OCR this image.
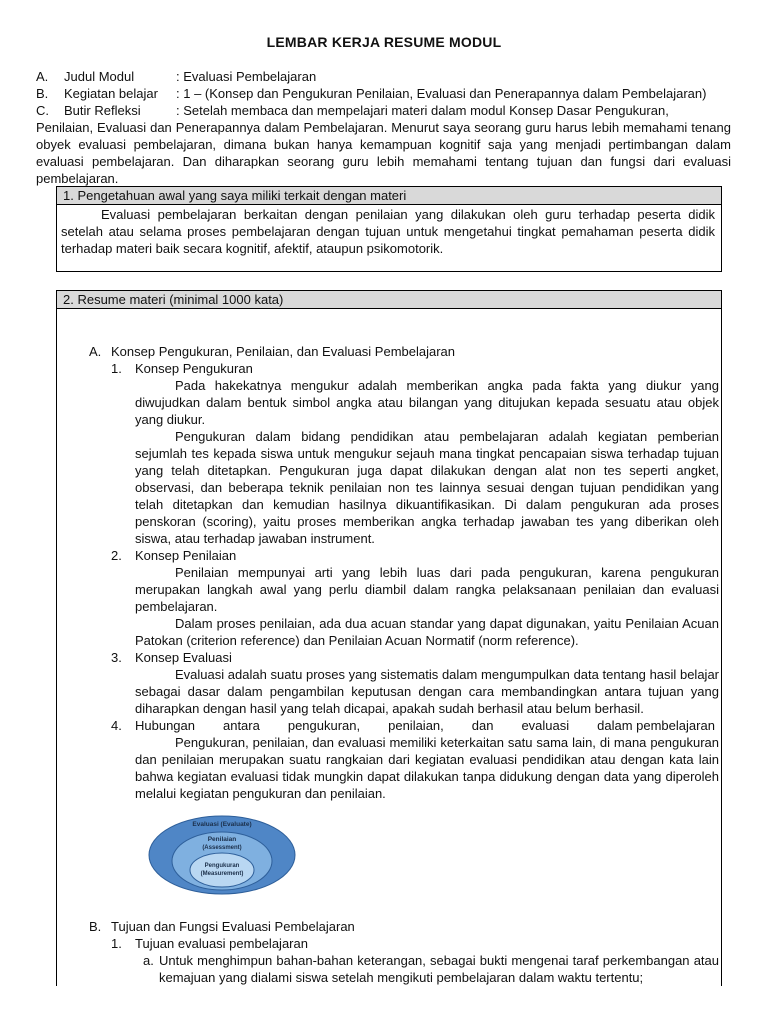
LEMBAR KERJA RESUME MODUL
A.	Judul Modul	: Evaluasi Pembelajaran
B.	Kegiatan belajar	: 1 – (Konsep dan Pengukuran Penilaian, Evaluasi dan Penerapannya dalam Pembelajaran)
C.	Butir Refleksi	: Setelah membaca dan mempelajari materi dalam modul Konsep Dasar Pengukuran,
Penilaian, Evaluasi dan Penerapannya dalam Pembelajaran. Menurut saya seorang guru harus lebih memahami tenang obyek evaluasi pembelajaran, dimana bukan hanya kemampuan kognitif saja yang menjadi pertimbangan dalam evaluasi pembelajaran. Dan diharapkan seorang guru lebih memahami tentang tujuan dan fungsi dari evaluasi pembelajaran.
1. Pengetahuan awal yang saya miliki terkait dengan materi
Evaluasi pembelajaran berkaitan dengan penilaian yang dilakukan oleh guru terhadap peserta didik setelah atau selama proses pembelajaran dengan tujuan untuk mengetahui tingkat pemahaman peserta didik terhadap materi baik secara kognitif, afektif, ataupun psikomotorik.
2. Resume materi (minimal 1000 kata)
A. Konsep Pengukuran, Penilaian, dan Evaluasi Pembelajaran
1.	Konsep Pengukuran

Pada hakekatnya mengukur adalah memberikan angka pada fakta yang diukur yang diwujudkan dalam bentuk simbol angka atau bilangan yang ditujukan kepada sesuatu atau objek yang diukur.

Pengukuran dalam bidang pendidikan atau pembelajaran adalah kegiatan pemberian sejumlah tes kepada siswa untuk mengukur sejauh mana tingkat pencapaian siswa terhadap tujuan yang telah ditetapkan. Pengukuran juga dapat dilakukan dengan alat non tes seperti angket, observasi, dan beberapa teknik penilaian non tes lainnya sesuai dengan tujuan pendidikan yang telah ditetapkan dan kemudian hasilnya dikuantifikasikan. Di dalam pengukuran ada proses penskoran (scoring), yaitu proses memberikan angka terhadap jawaban tes yang diberikan oleh siswa, atau terhadap jawaban instrument.

2.	Konsep Penilaian

Penilaian mempunyai arti yang lebih luas dari pada pengukuran, karena pengukuran merupakan langkah awal yang perlu diambil dalam rangka pelaksanaan penilaian dan evaluasi pembelajaran.

Dalam proses penilaian, ada dua acuan standar yang dapat digunakan, yaitu Penilaian Acuan Patokan (criterion reference) dan Penilaian Acuan Normatif (norm reference).

3.	Konsep Evaluasi

Evaluasi adalah suatu proses yang sistematis dalam mengumpulkan data tentang hasil belajar sebagai dasar dalam pengambilan keputusan dengan cara membandingkan antara tujuan yang diharapkan dengan hasil yang telah dicapai, apakah sudah berhasil atau belum berhasil.

4.	Hubungan antara pengukuran, penilaian, dan evaluasi dalam pembelajaran

Pengukuran, penilaian, dan evaluasi memiliki keterkaitan satu sama lain, di mana pengukuran dan penilaian merupakan suatu rangkaian dari kegiatan evaluasi pendidikan atau dengan kata lain bahwa kegiatan evaluasi tidak mungkin dapat dilakukan tanpa didukung dengan data yang diperoleh melalui kegiatan pengukuran dan penilaian.

Evaluasi (Evaluate)
Penilaian
(Assessment)
Pengukuran
(Measurement)
B. Tujuan dan Fungsi Evaluasi Pembelajaran
1.	Tujuan evaluasi pembelajaran
a. Untuk menghimpun bahan-bahan keterangan, sebagai bukti mengenai taraf perkembangan atau kemajuan yang dialami siswa setelah mengikuti pembelajaran dalam waktu tertentu;
